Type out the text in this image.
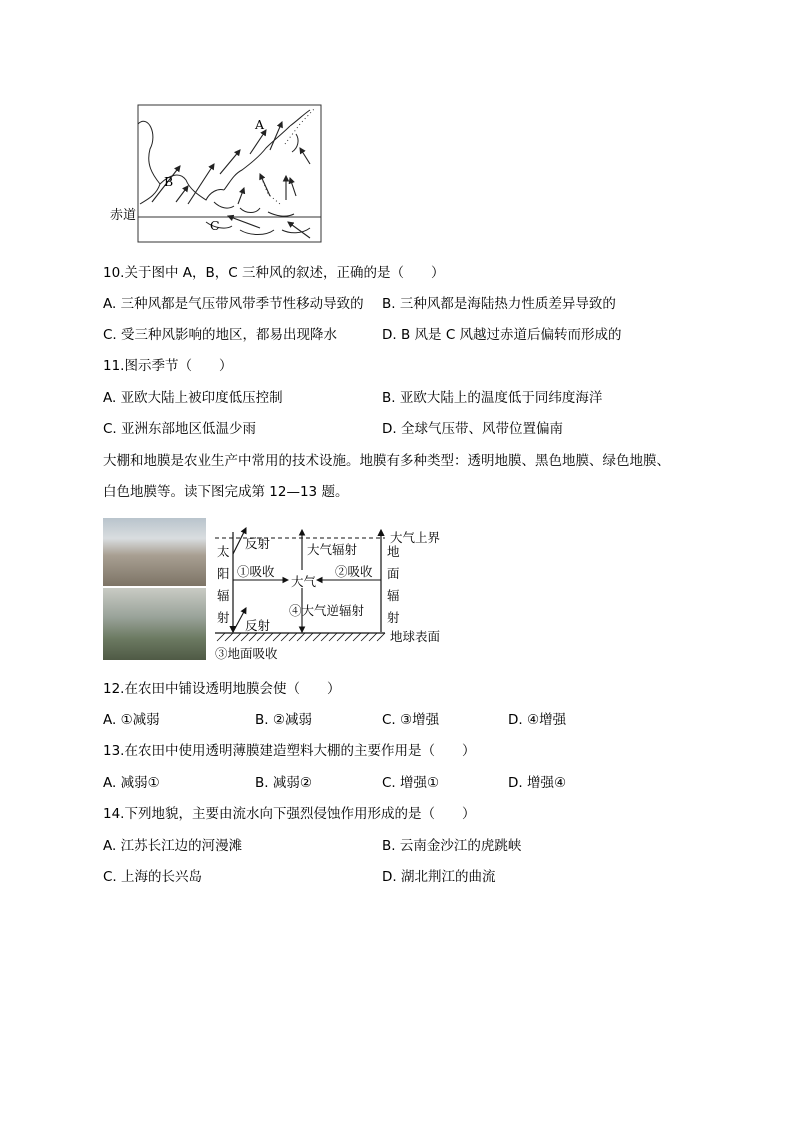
A
B
C
赤道
10.关于图中 A，B，C 三种风的叙述，正确的是（　　）
A. 三种风都是气压带风带季节性移动导致的 B. 三种风都是海陆热力性质差异导致的
C. 受三种风影响的地区，都易出现降水	D. B 风是 C 风越过赤道后偏转而形成的
11.图示季节（　　）
A. 亚欧大陆上被印度低压控制	B. 亚欧大陆上的温度低于同纬度海洋
C. 亚洲东部地区低温少雨	D. 全球气压带、风带位置偏南
大棚和地膜是农业生产中常用的技术设施。地膜有多种类型：透明地膜、黑色地膜、绿色地膜、
白色地膜等。读下图完成第 12—13 题。
大气上界
太
阳
辐
射
反射	大气辐射
①吸收	②吸收
大气
地
面
辐
射
④大气逆辐射
反射
地球表面
③地面吸收
12.在农田中铺设透明地膜会使（　　）
A. ①减弱	B. ②减弱	C. ③增强	D. ④增强
13.在农田中使用透明薄膜建造塑料大棚的主要作用是（　　）
A. 减弱①	B. 减弱②	C. 增强①	D. 增强④
14.下列地貌，主要由流水向下强烈侵蚀作用形成的是（　　）
A. 江苏长江边的河漫滩	B. 云南金沙江的虎跳峡
C. 上海的长兴岛	D. 湖北荆江的曲流
